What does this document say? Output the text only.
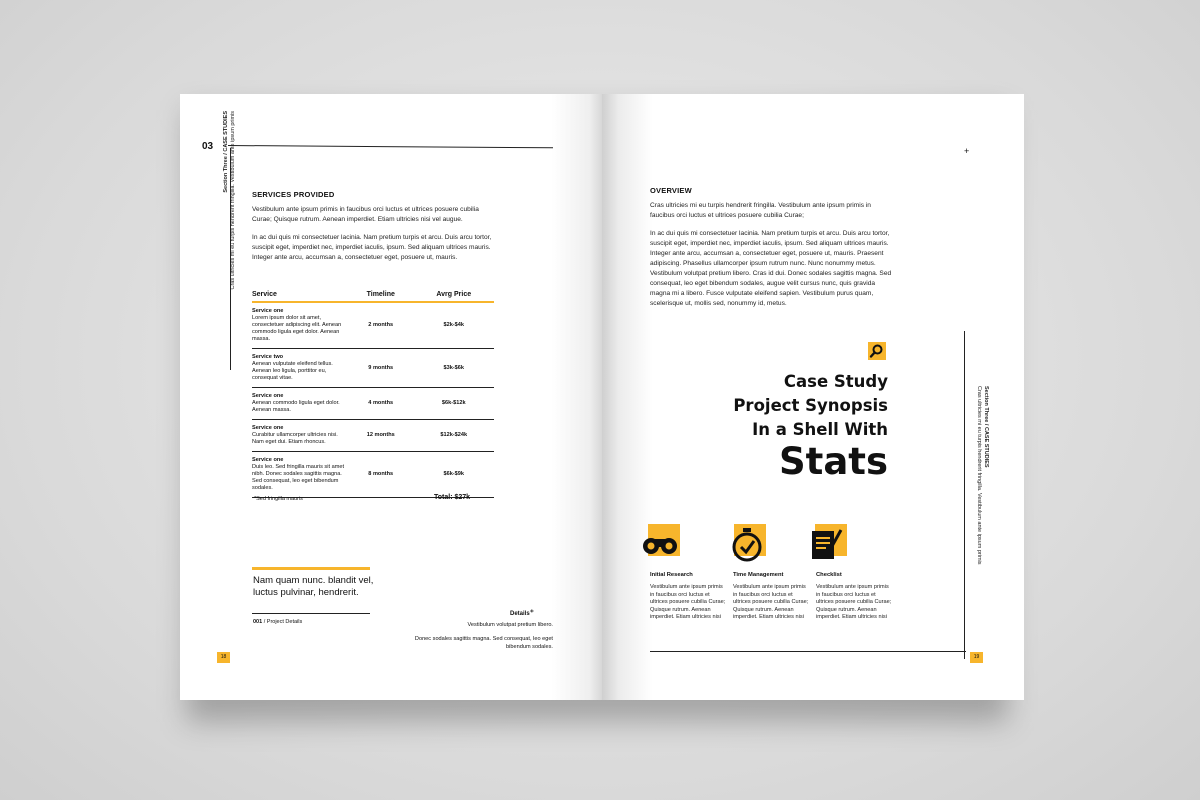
03 Section Three / CASE STUDIES Cras ultricies mi eu turpis hendrerit fringilla. Vestibulum ante ipsum primis SERVICES PROVIDED
Vestibulum ante ipsum primis in faucibus orci luctus et ultrices posuere cubilia Curae; Quisque rutrum. Aenean imperdiet. Etiam ultricies nisi vel augue.
In ac dui quis mi consectetuer lacinia. Nam pretium turpis et arcu. Duis arcu tortor, suscipit eget, imperdiet nec, imperdiet iaculis, ipsum. Sed aliquam ultrices mauris. Integer ante arcu, accumsan a, consectetuer eget, posuere ut, mauris.
Service	Timeline	Avrg Price

Service one
Lorem ipsum dolor sit amet, consectetuer adipiscing elit. Aenean commodo ligula eget dolor. Aenean massa.	2 months	$2k-$4k

Service two
Aenean vulputate eleifend tellus. Aenean leo ligula, porttitor eu, consequat vitae.	9 months	$3k-$6k

Service one
Aenean commodo ligula eget dolor. Aenean massa.	4 months	$6k-$12k

Service one
Curabitur ullamcorper ultricies nisi. Nam eget dui. Etiam rhoncus.	12 months	$12k-$24k

Service one
Duis leo. Sed fringilla mauris sit amet nibh. Donec sodales sagittis magna. Sed consequat, leo eget bibendum sodales.	8 months	$6k-$9k
*Sed fringilla mauris	Total: $27k
Nam quam nunc. blandit vel, luctus pulvinar, hendrerit.
001 / Project Details
Details⁺
Vestibulum volutpat pretium libero.
Donec sodales sagittis magna. Sed consequat, leo eget bibendum sodales.
18
+
OVERVIEW
Cras ultricies mi eu turpis hendrerit fringilla. Vestibulum ante ipsum primis in faucibus orci luctus et ultrices posuere cubilia Curae;
In ac dui quis mi consectetuer lacinia. Nam pretium turpis et arcu. Duis arcu tortor, suscipit eget, imperdiet nec, imperdiet iaculis, ipsum. Sed aliquam ultrices mauris. Integer ante arcu, accumsan a, consectetuer eget, posuere ut, mauris. Praesent adipiscing. Phasellus ullamcorper ipsum rutrum nunc. Nunc nonummy metus. Vestibulum volutpat pretium libero. Cras id dui. Donec sodales sagittis magna. Sed consequat, leo eget bibendum sodales, augue velit cursus nunc, quis gravida magna mi a libero. Fusce vulputate eleifend sapien. Vestibulum purus quam, scelerisque ut, mollis sed, nonummy id, metus.
Case Study
Project Synopsis
In a Shell With
Stats	Section Three / CASE STUDIES
Cras ultricies mi eu turpis hendrerit fringilla. Vestibulum ante ipsum primis
Initial Research
Vestibulum ante ipsum primis in faucibus orci luctus et ultrices posuere cubilia Curae; Quisque rutrum. Aenean imperdiet. Etiam ultricies nisi
Time Management
Vestibulum ante ipsum primis in faucibus orci luctus et ultrices posuere cubilia Curae; Quisque rutrum. Aenean imperdiet. Etiam ultricies nisi
Checklist
Vestibulum ante ipsum primis in faucibus orci luctus et ultrices posuere cubilia Curae; Quisque rutrum. Aenean imperdiet. Etiam ultricies nisi
19
